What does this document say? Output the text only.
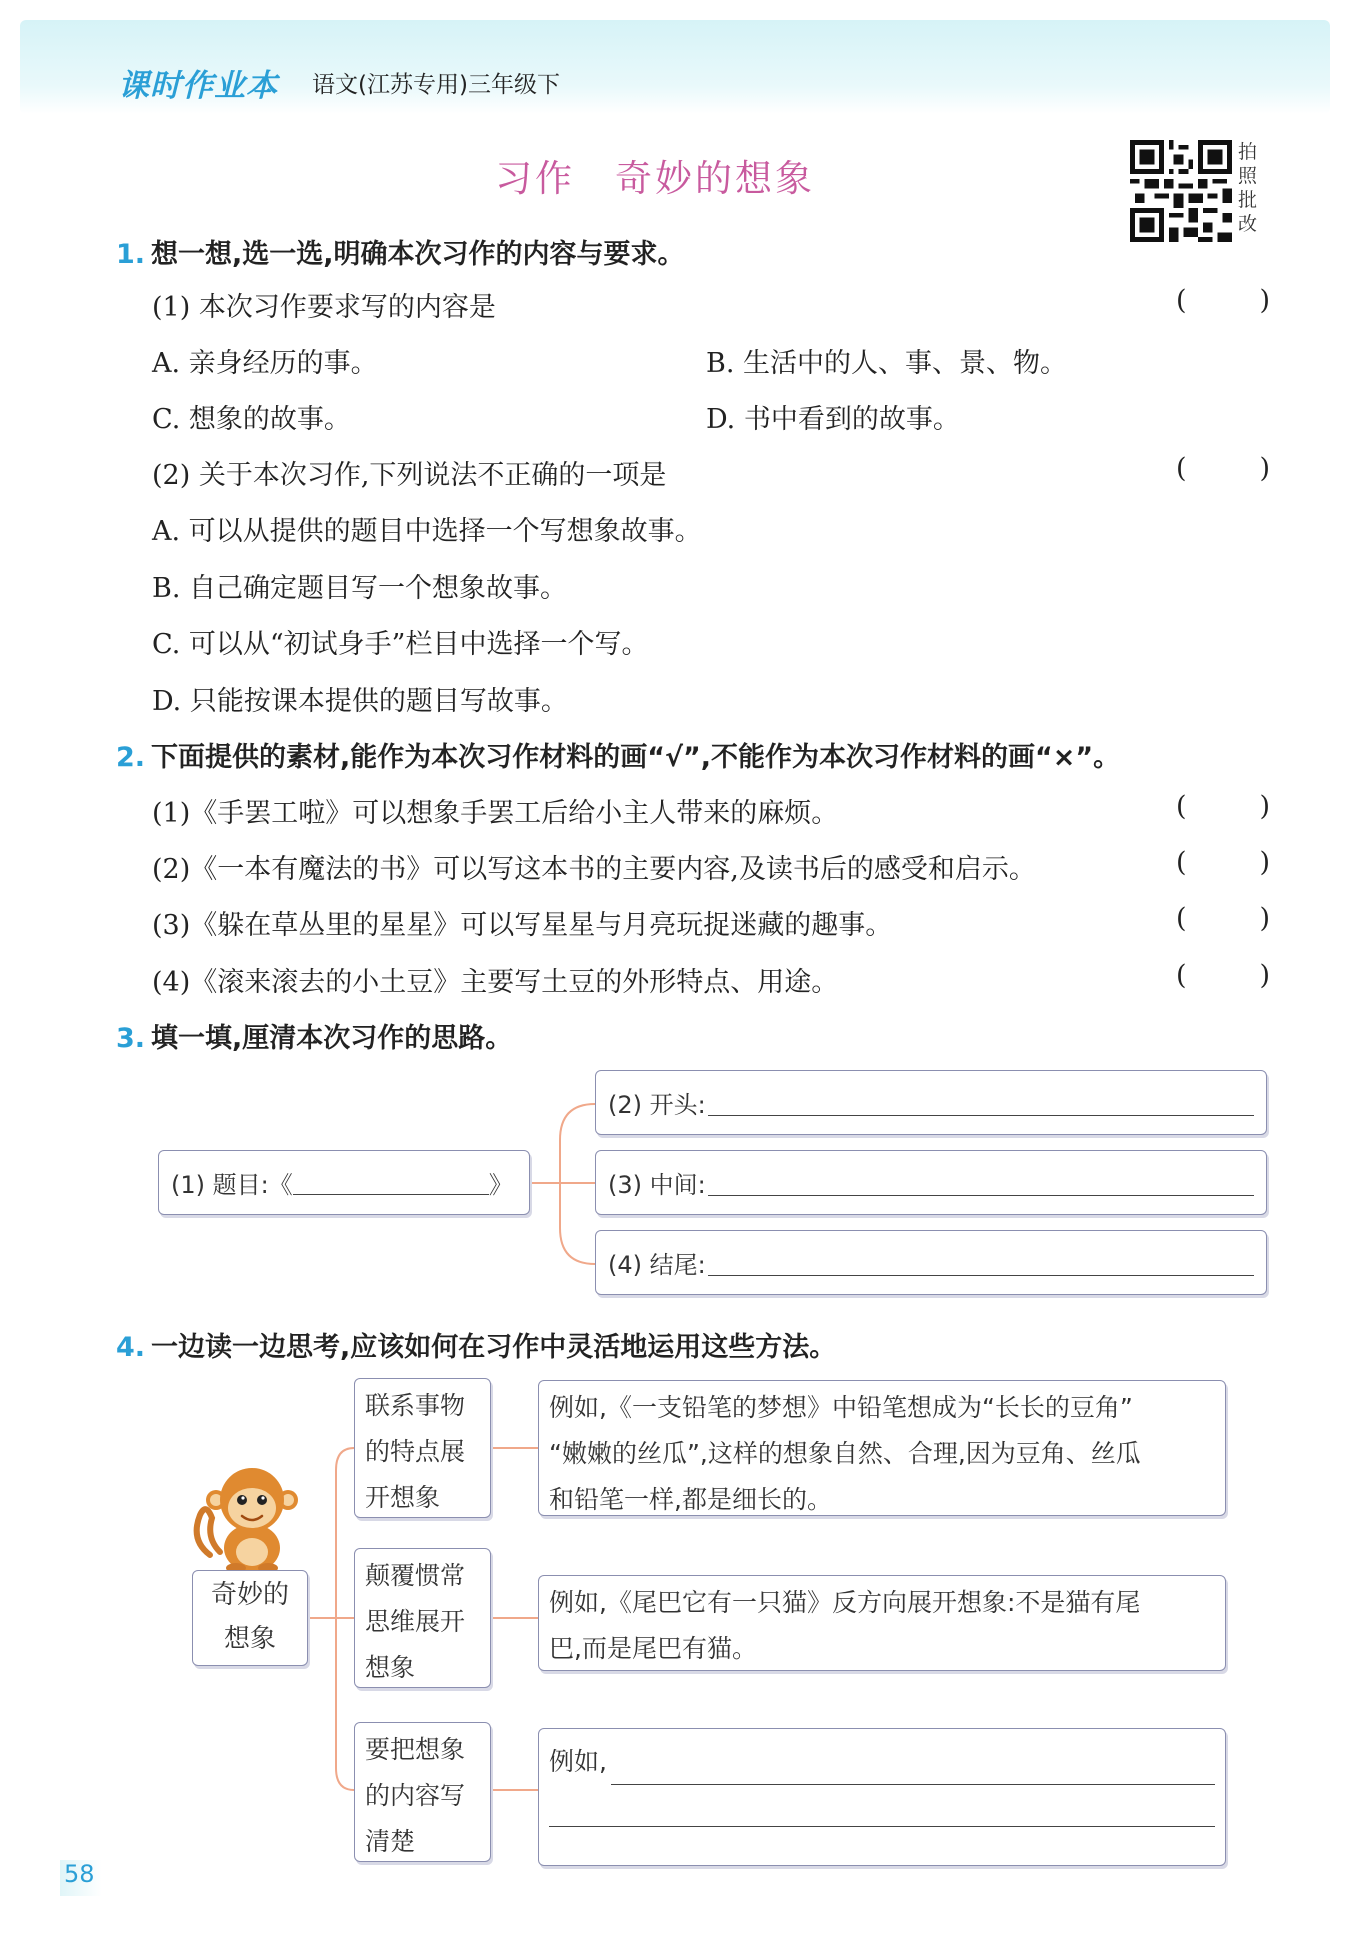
课时作业本 语文(江苏专用)三年级下
习作　奇妙的想象
拍
照
批
改
1. 想一想,选一选,明确本次习作的内容与要求。
(1) 本次习作要求写的内容是	(	)
A. 亲身经历的事。	B. 生活中的人、事、景、物。
C. 想象的故事。	D. 书中看到的故事。
(2) 关于本次习作,下列说法不正确的一项是	(	)
A. 可以从提供的题目中选择一个写想象故事。
B. 自己确定题目写一个想象故事。
C. 可以从“初试身手”栏目中选择一个写。
D. 只能按课本提供的题目写故事。
2. 下面提供的素材,能作为本次习作材料的画“√”,不能作为本次习作材料的画“×”。
(1)《手罢工啦》可以想象手罢工后给小主人带来的麻烦。	(	)
(2)《一本有魔法的书》可以写这本书的主要内容,及读书后的感受和启示。	(	)
(3)《躲在草丛里的星星》可以写星星与月亮玩捉迷藏的趣事。	(	)
(4)《滚来滚去的小土豆》主要写土豆的外形特点、用途。	(	)
3. 填一填,厘清本次习作的思路。
(1) 题目:《	》
(2) 开头:
(3) 中间:
(4) 结尾:
4. 一边读一边思考,应该如何在习作中灵活地运用这些方法。
奇妙的
想象
联系事物
的特点展
开想象
例如,《一支铅笔的梦想》中铅笔想成为“长长的豆角”
“嫩嫩的丝瓜”,这样的想象自然、合理,因为豆角、丝瓜
和铅笔一样,都是细长的。
颠覆惯常
思维展开
想象
例如,《尾巴它有一只猫》反方向展开想象:不是猫有尾
巴,而是尾巴有猫。
要把想象
的内容写
清楚
例如,
58
